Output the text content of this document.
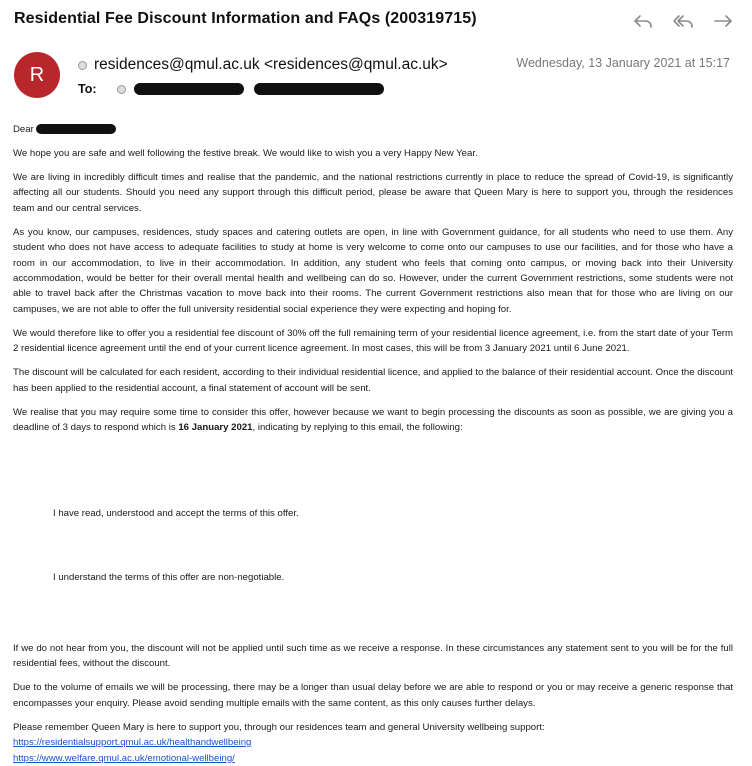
Residential Fee Discount Information and FAQs (200319715)
R	residences@qmul.ac.uk <residences@qmul.ac.uk>	Wednesday, 13 January 2021 at 15:17
To:

Dear

We hope you are safe and well following the festive break. We would like to wish you a very Happy New Year.

We are living in incredibly difficult times and realise that the pandemic, and the national restrictions currently in place to reduce the spread of Covid-19, is significantly affecting all our students. Should you need any support through this difficult period, please be aware that Queen Mary is here to support you, through the residences team and our central services.

As you know, our campuses, residences, study spaces and catering outlets are open, in line with Government guidance, for all students who need to use them. Any student who does not have access to adequate facilities to study at home is very welcome to come onto our campuses to use our facilities, and for those who have a room in our accommodation, to live in their accommodation. In addition, any student who feels that coming onto campus, or moving back into their University accommodation, would be better for their overall mental health and wellbeing can do so. However, under the current Government restrictions, some students were not able to travel back after the Christmas vacation to move back into their rooms. The current Government restrictions also mean that for those who are living on our campuses, we are not able to offer the full university residential social experience they were expecting and hoping for.

We would therefore like to offer you a residential fee discount of 30% off the full remaining term of your residential licence agreement, i.e. from the start date of your Term 2 residential licence agreement until the end of your current licence agreement. In most cases, this will be from 3 January 2021 until 6 June 2021.

The discount will be calculated for each resident, according to their individual residential licence, and applied to the balance of their residential account. Once the discount has been applied to the residential account, a final statement of account will be sent.

We realise that you may require some time to consider this offer, however because we want to begin processing the discounts as soon as possible, we are giving you a deadline of 3 days to respond which is 16 January 2021, indicating by replying to this email, the following:

I have read, understood and accept the terms of this offer.

I understand the terms of this offer are non-negotiable.

If we do not hear from you, the discount will not be applied until such time as we receive a response. In these circumstances any statement sent to you will be for the full residential fees, without the discount.

Due to the volume of emails we will be processing, there may be a longer than usual delay before we are able to respond or you or may receive a generic response that encompasses your enquiry. Please avoid sending multiple emails with the same content, as this only causes further delays.

Please remember Queen Mary is here to support you, through our residences team and general University wellbeing support:

https://residentialsupport.qmul.ac.uk/healthandwellbeing
https://www.welfare.qmul.ac.uk/emotional-wellbeing/
